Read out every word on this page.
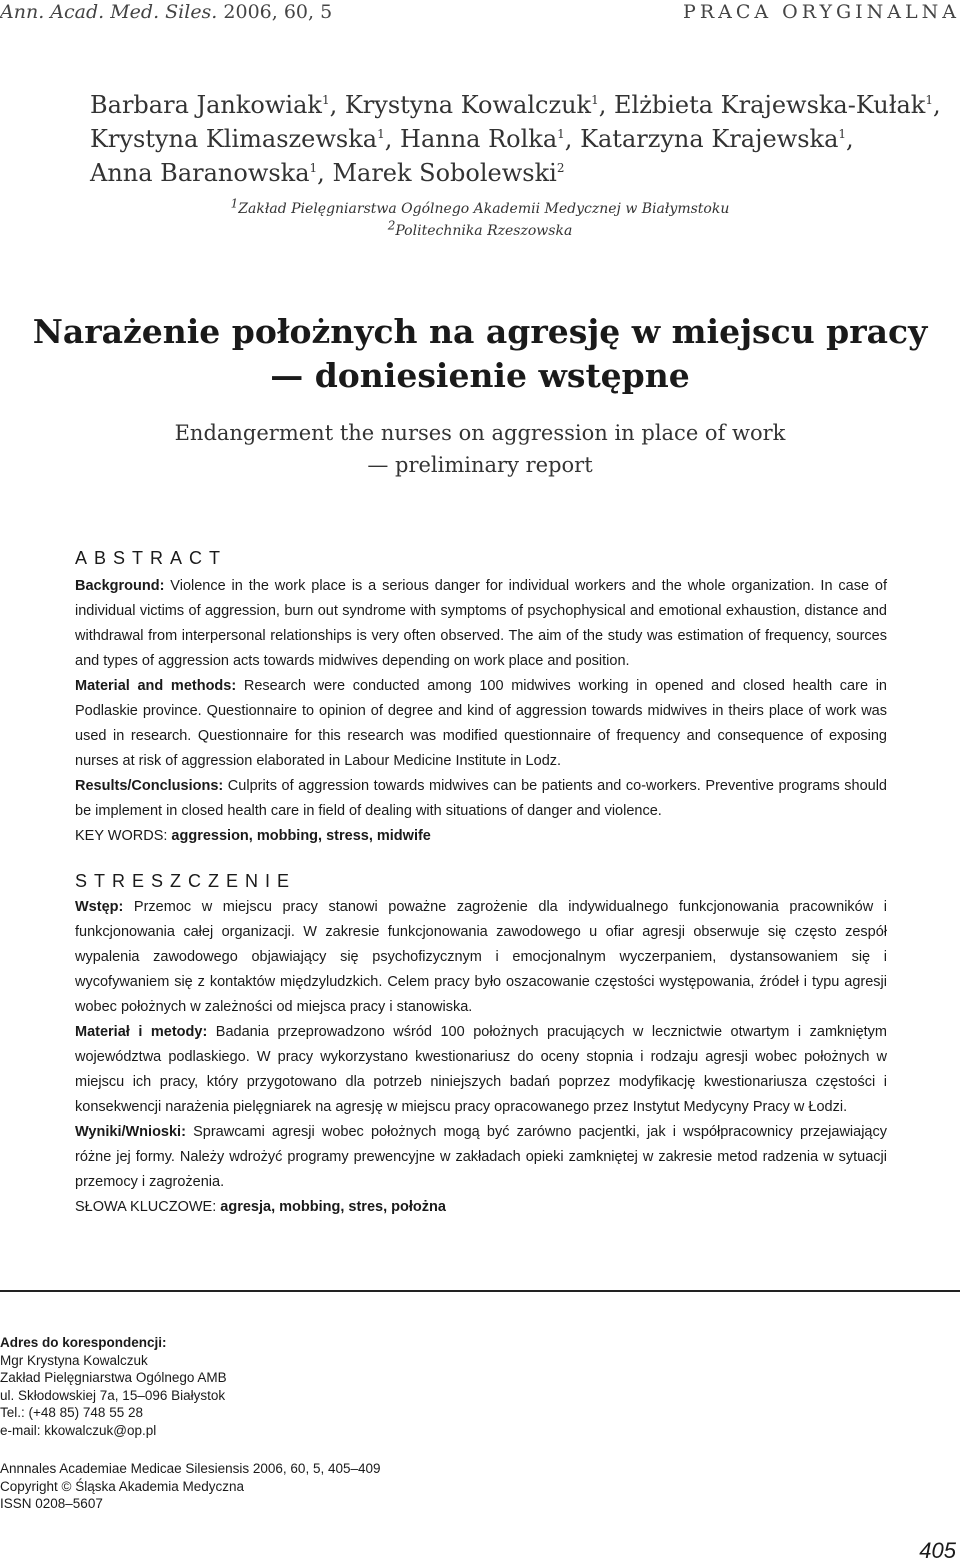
Ann. Acad. Med. Siles. 2006, 60, 5	PRACA ORYGINALNA
Barbara Jankowiak$^1$, Krystyna Kowalczuk$^1$, Elżbieta Krajewska-Kułak$^1$,
Krystyna Klimaszewska$^1$, Hanna Rolka$^1$, Katarzyna Krajewska$^1$,
Anna Baranowska$^1$, Marek Sobolewski$^2$
$^1$Zakład Pielęgniarstwa Ogólnego Akademii Medycznej w Białymstoku
$^2$Politechnika Rzeszowska
Narażenie położnych na agresję w miejscu pracy
— doniesienie wstępne
Endangerment the nurses on aggression in place of work
— preliminary report
ABSTRACT

Background: Violence in the work place is a serious danger for individual workers and the whole organization. In case of individual victims of aggression, burn out syndrome with symptoms of psychophysical and emotional exhaustion, distance and withdrawal from interpersonal relationships is very often observed. The aim of the study was estimation of frequency, sources and types of aggression acts towards midwives depending on work place and position.

Material and methods: Research were conducted among 100 midwives working in opened and closed health care in Podlaskie province. Questionnaire to opinion of degree and kind of aggression towards midwives in theirs place of work was used in research. Questionnaire for this research was modified questionnaire of frequency and consequence of exposing nurses at risk of aggression elaborated in Labour Medicine Institute in Lodz.

Results/Conclusions: Culprits of aggression towards midwives can be patients and co-workers. Preventive programs should be implement in closed health care in field of dealing with situations of danger and violence.

KEY WORDS: aggression, mobbing, stress, midwife

STRESZCZENIE

Wstęp: Przemoc w miejscu pracy stanowi poważne zagrożenie dla indywidualnego funkcjonowania pracowników i funkcjonowania całej organizacji. W zakresie funkcjonowania zawodowego u ofiar agresji obserwuje się często zespół wypalenia zawodowego objawiający się psychofizycznym i emocjonalnym wyczerpaniem, dystansowaniem się i wycofywaniem się z kontaktów międzyludzkich. Celem pracy było oszacowanie częstości występowania, źródeł i typu agresji wobec położnych w zależności od miejsca pracy i stanowiska.

Materiał i metody: Badania przeprowadzono wśród 100 położnych pracujących w lecznictwie otwartym i zamkniętym województwa podlaskiego. W pracy wykorzystano kwestionariusz do oceny stopnia i rodzaju agresji wobec położnych w miejscu ich pracy, który przygotowano dla potrzeb niniejszych badań poprzez modyfikację kwestionariusza częstości i konsekwencji narażenia pielęgniarek na agresję w miejscu pracy opracowanego przez Instytut Medycyny Pracy w Łodzi.

Wyniki/Wnioski: Sprawcami agresji wobec położnych mogą być zarówno pacjentki, jak i współpracownicy przejawiający różne jej formy. Należy wdrożyć programy prewencyjne w zakładach opieki zamkniętej w zakresie metod radzenia w sytuacji przemocy i zagrożenia.

SŁOWA KLUCZOWE: agresja, mobbing, stres, położna

Adres do korespondencji:
Mgr Krystyna Kowalczuk
Zakład Pielęgniarstwa Ogólnego AMB
ul. Skłodowskiej 7a, 15–096 Białystok
Tel.: (+48 85) 748 55 28
e-mail: kkowalczuk@op.pl
Annnales Academiae Medicae Silesiensis 2006, 60, 5, 405–409
Copyright © Śląska Akademia Medyczna
ISSN 0208–5607
405
